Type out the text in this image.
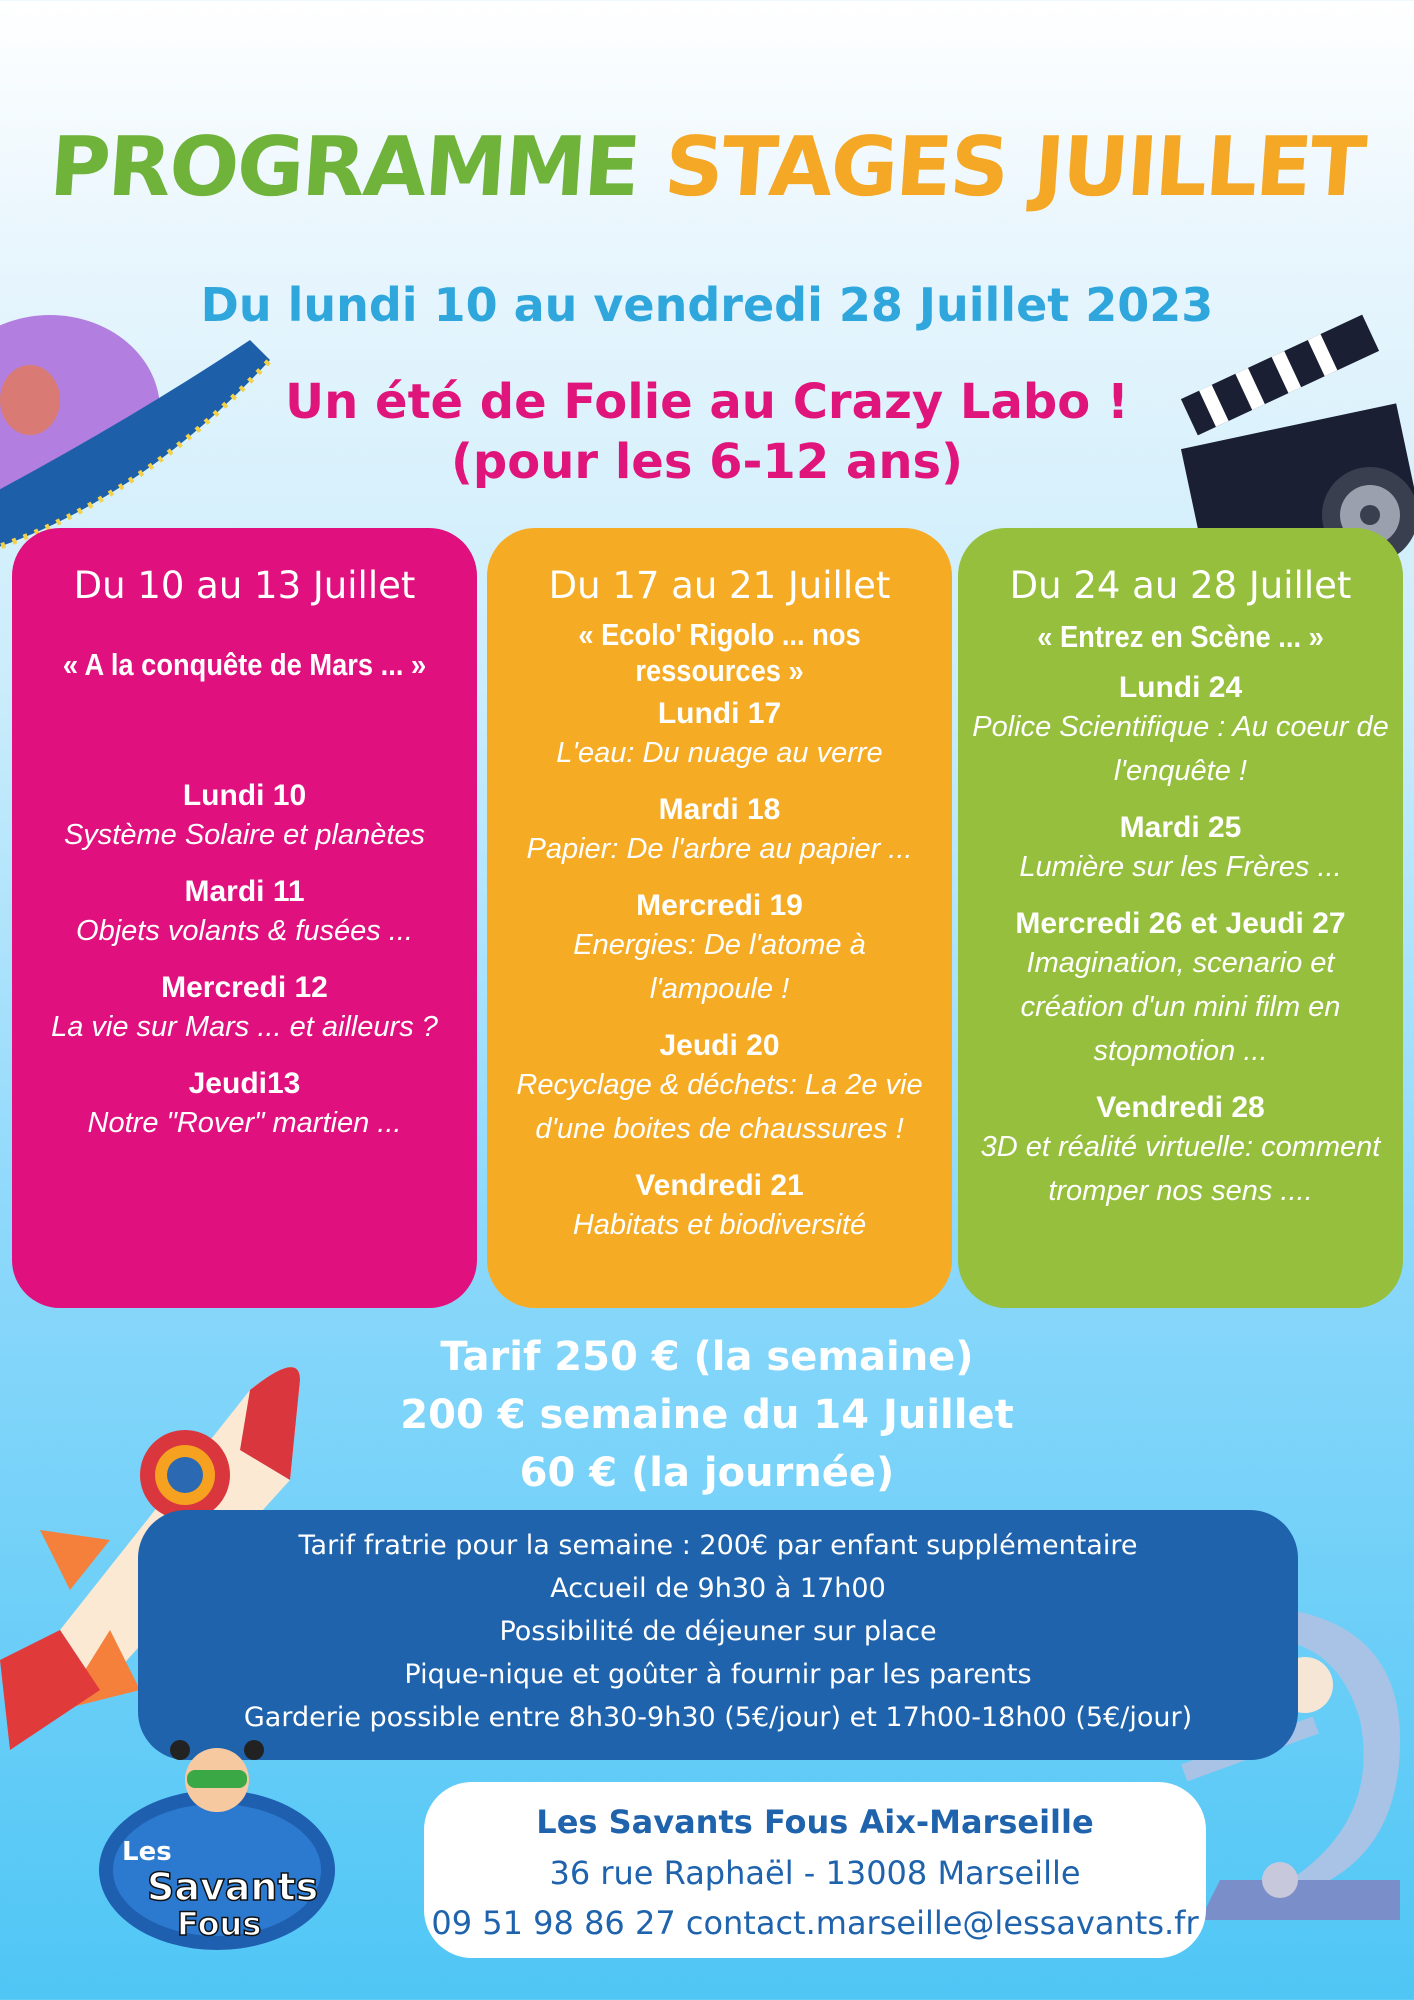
PROGRAMME STAGES JUILLET
Du lundi 10 au vendredi 28 Juillet 2023
Un été de Folie au Crazy Labo !
(pour les 6-12 ans)
Du 10 au 13 Juillet
« A la conquête de Mars ... »
Lundi 10
Système Solaire et planètes
Mardi 11
Objets volants & fusées ...
Mercredi 12
La vie sur Mars ... et ailleurs ?
Jeudi13
Notre "Rover" martien ...
Du 17 au 21 Juillet
« Ecolo' Rigolo ... nos ressources »
Lundi 17
L'eau: Du nuage au verre
Mardi 18
Papier: De l'arbre au papier ...
Mercredi 19
Energies: De l'atome à l'ampoule !
Jeudi 20
Recyclage & déchets: La 2e vie d'une boites de chaussures !
Vendredi 21
Habitats et biodiversité
Du 24 au 28 Juillet
« Entrez en Scène ... »
Lundi 24
Police Scientifique : Au coeur de l'enquête !
Mardi 25
Lumière sur les Frères ...
Mercredi 26 et Jeudi 27
Imagination, scenario et création d'un mini film en stopmotion ...
Vendredi 28
3D et réalité virtuelle: comment tromper nos sens ....
Tarif 250 € (la semaine)
200 € semaine du 14 Juillet
60 € (la journée)
Tarif fratrie pour la semaine : 200€ par enfant supplémentaire
Accueil de 9h30 à 17h00
Possibilité de déjeuner sur place
Pique-nique et goûter à fournir par les parents
Garderie possible entre 8h30-9h30 (5€/jour) et 17h00-18h00 (5€/jour)
Les
Savants
Fous
Les Savants Fous Aix-Marseille
36 rue Raphaël - 13008 Marseille
09 51 98 86 27 contact.marseille@lessavants.fr
